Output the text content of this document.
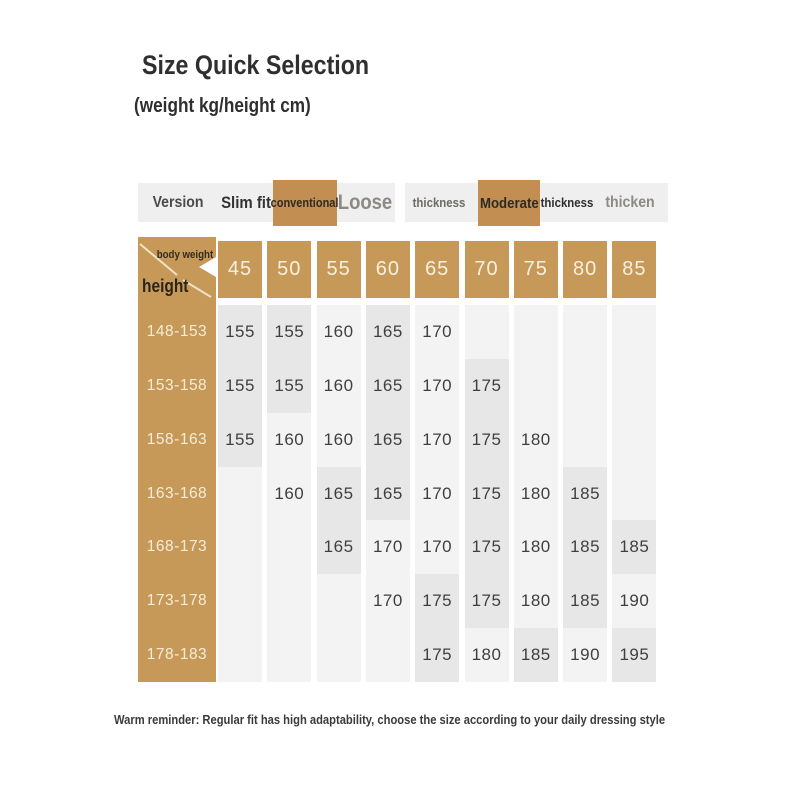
Size Quick Selection
(weight kg/height cm)
Version Slim fit conventional
Loose thickness Moderate thickness thicken
body weight
height
148-153
153-158
158-163
163-168
168-173
173-178
178-183
45
155
155
155
50
155
155
160
160
55
160
160
160
165
165
60
165
165
165
165
170
170
65
170
170
170
170
170
175
175
70
175
175
175
175
175
180
75
180
180
180
180
185
80
185
185
185
190
85
185
190
195
Warm reminder: Regular fit has high adaptability, choose the size according to your daily dressing style
